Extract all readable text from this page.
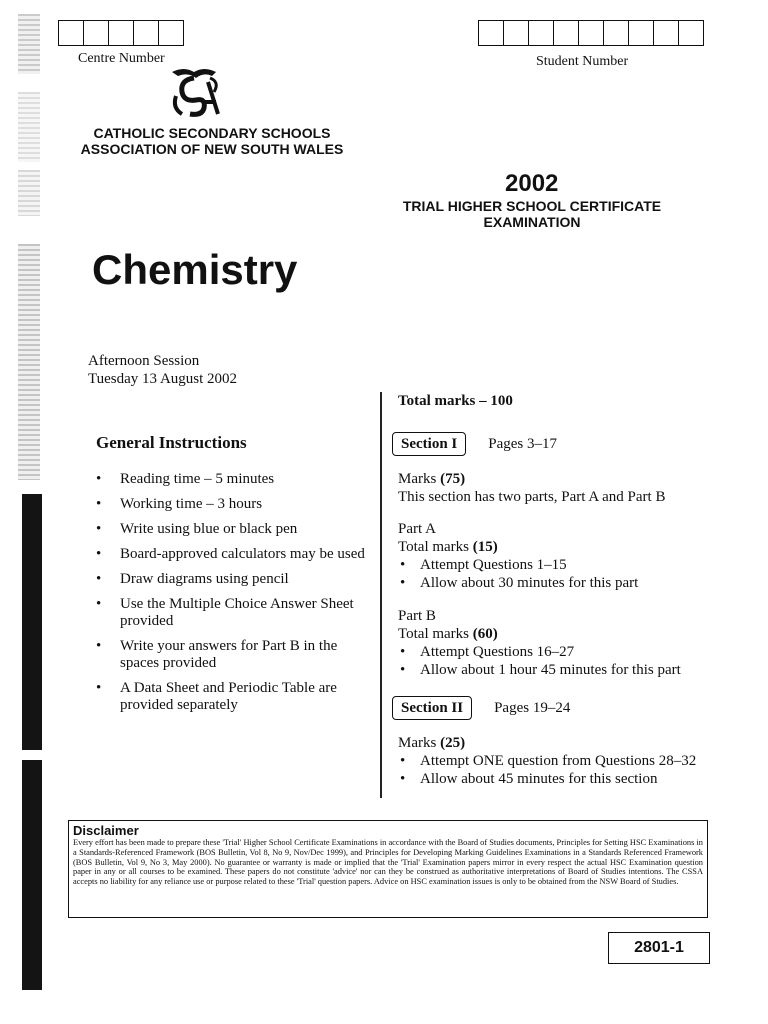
Centre Number	Student Number
CATHOLIC SECONDARY SCHOOLS
ASSOCIATION OF NEW SOUTH WALES
2002
TRIAL HIGHER SCHOOL CERTIFICATE
EXAMINATION
Chemistry
Afternoon Session
Tuesday 13 August 2002
General Instructions
• Reading time – 5 minutes
• Working time – 3 hours
• Write using blue or black pen
• Board-approved calculators may be used
• Draw diagrams using pencil
• Use the Multiple Choice Answer Sheet provided
• Write your answers for Part B in the spaces provided
• A Data Sheet and Periodic Table are provided separately
Total marks – 100
Section I	Pages 3–17
Marks (75)
This section has two parts, Part A and Part B
Part A
Total marks (15)
• Attempt Questions 1–15
• Allow about 30 minutes for this part
Part B
Total marks (60)
• Attempt Questions 16–27
• Allow about 1 hour 45 minutes for this part
Section II	Pages 19–24
Marks (25)
• Attempt ONE question from Questions 28–32
• Allow about 45 minutes for this section
Disclaimer
Every effort has been made to prepare these 'Trial' Higher School Certificate Examinations in accordance with the Board of Studies documents, Principles for Setting HSC Examinations in a Standards-Referenced Framework (BOS Bulletin, Vol 8, No 9, Nov/Dec 1999), and Principles for Developing Marking Guidelines Examinations in a Standards Referenced Framework (BOS Bulletin, Vol 9, No 3, May 2000). No guarantee or warranty is made or implied that the 'Trial' Examination papers mirror in every respect the actual HSC Examination question paper in any or all courses to be examined. These papers do not constitute 'advice' nor can they be construed as authoritative interpretations of Board of Studies intentions. The CSSA accepts no liability for any reliance use or purpose related to these 'Trial' question papers. Advice on HSC examination issues is only to be obtained from the NSW Board of Studies.
2801-1
